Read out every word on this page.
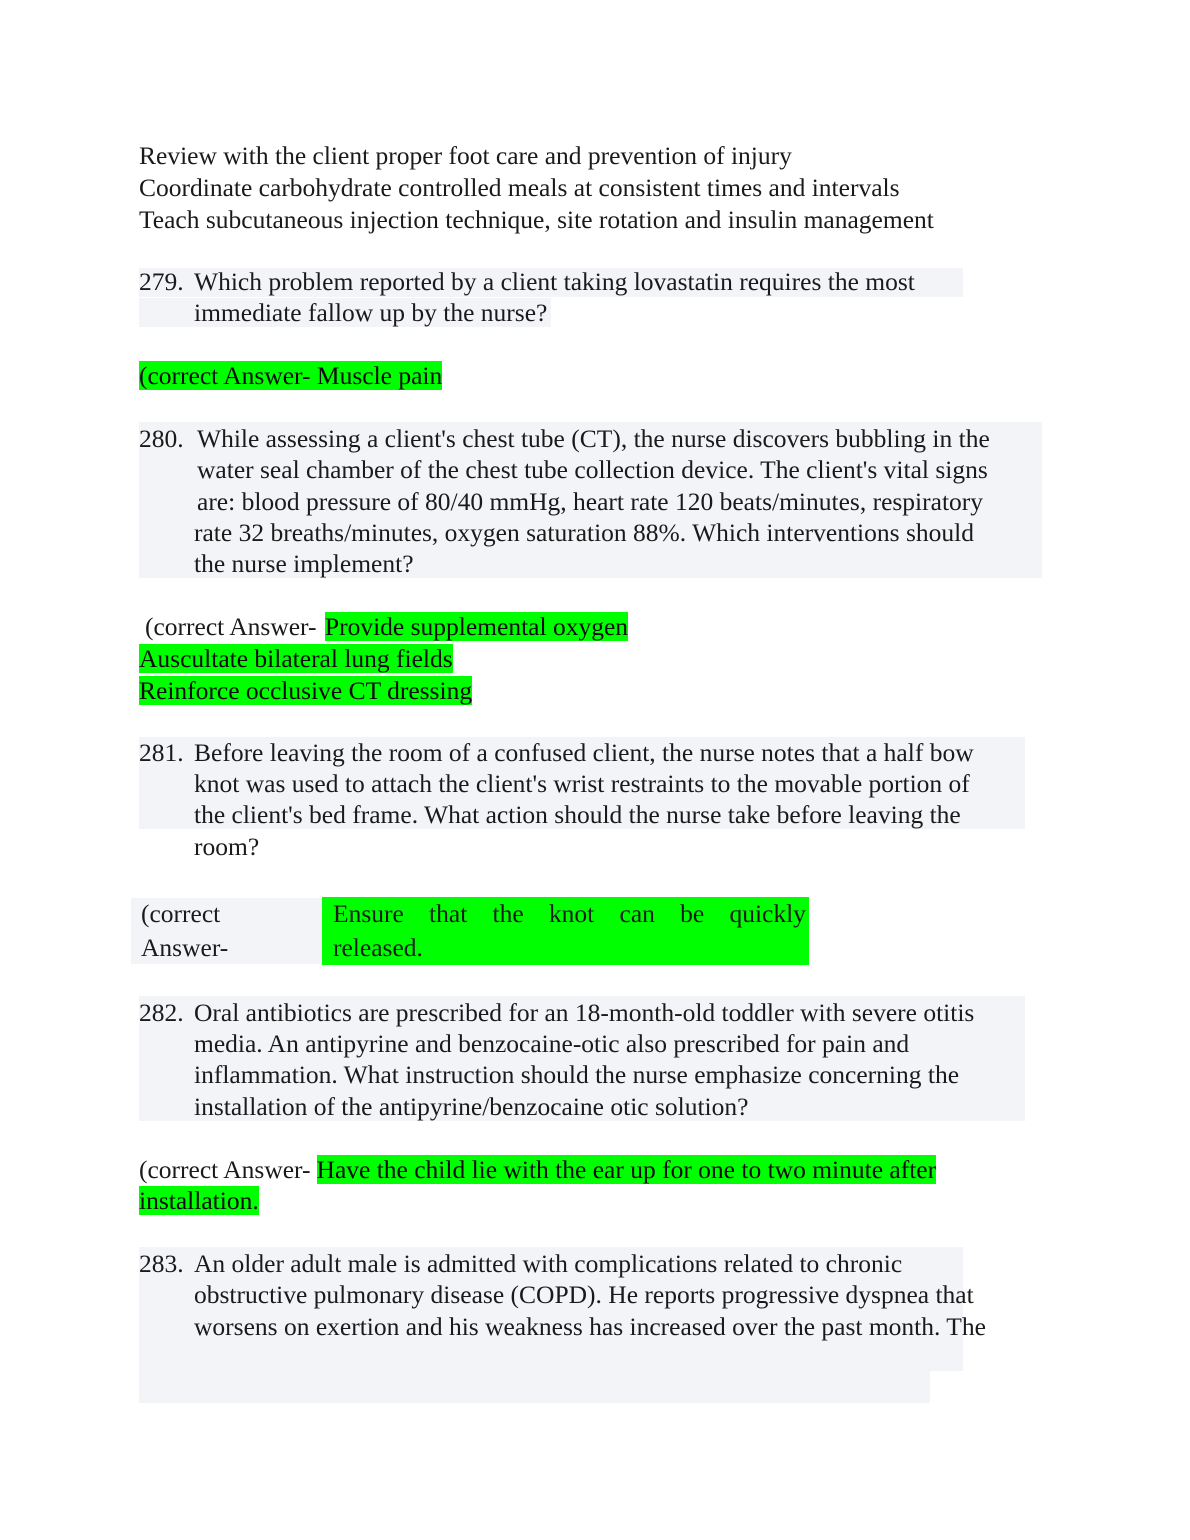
Review with the client proper foot care and prevention of injury
Coordinate carbohydrate controlled meals at consistent times and intervals
Teach subcutaneous injection technique, site rotation and insulin management
279. Which problem reported by a client taking lovastatin requires the most
immediate fallow up by the nurse?
(correct Answer- Muscle pain
280. While assessing a client's chest tube (CT), the nurse discovers bubbling in the
water seal chamber of the chest tube collection device. The client's vital signs
are: blood pressure of 80/40 mmHg, heart rate 120 beats/minutes, respiratory
rate 32 breaths/minutes, oxygen saturation 88%. Which interventions should
the nurse implement?
(correct Answer- Provide supplemental oxygen
Auscultate bilateral lung fields
Reinforce occlusive CT dressing
281. Before leaving the room of a confused client, the nurse notes that a half bow
knot was used to attach the client's wrist restraints to the movable portion of
the client's bed frame. What action should the nurse take before leaving the
room?
(correct
Answer-
Ensure that the knot can be quickly
released.
282. Oral antibiotics are prescribed for an 18-month-old toddler with severe otitis
media. An antipyrine and benzocaine-otic also prescribed for pain and
inflammation. What instruction should the nurse emphasize concerning the
installation of the antipyrine/benzocaine otic solution?
(correct Answer- Have the child lie with the ear up for one to two minute after
installation.
283. An older adult male is admitted with complications related to chronic
obstructive pulmonary disease (COPD). He reports progressive dyspnea that
worsens on exertion and his weakness has increased over the past month. The
